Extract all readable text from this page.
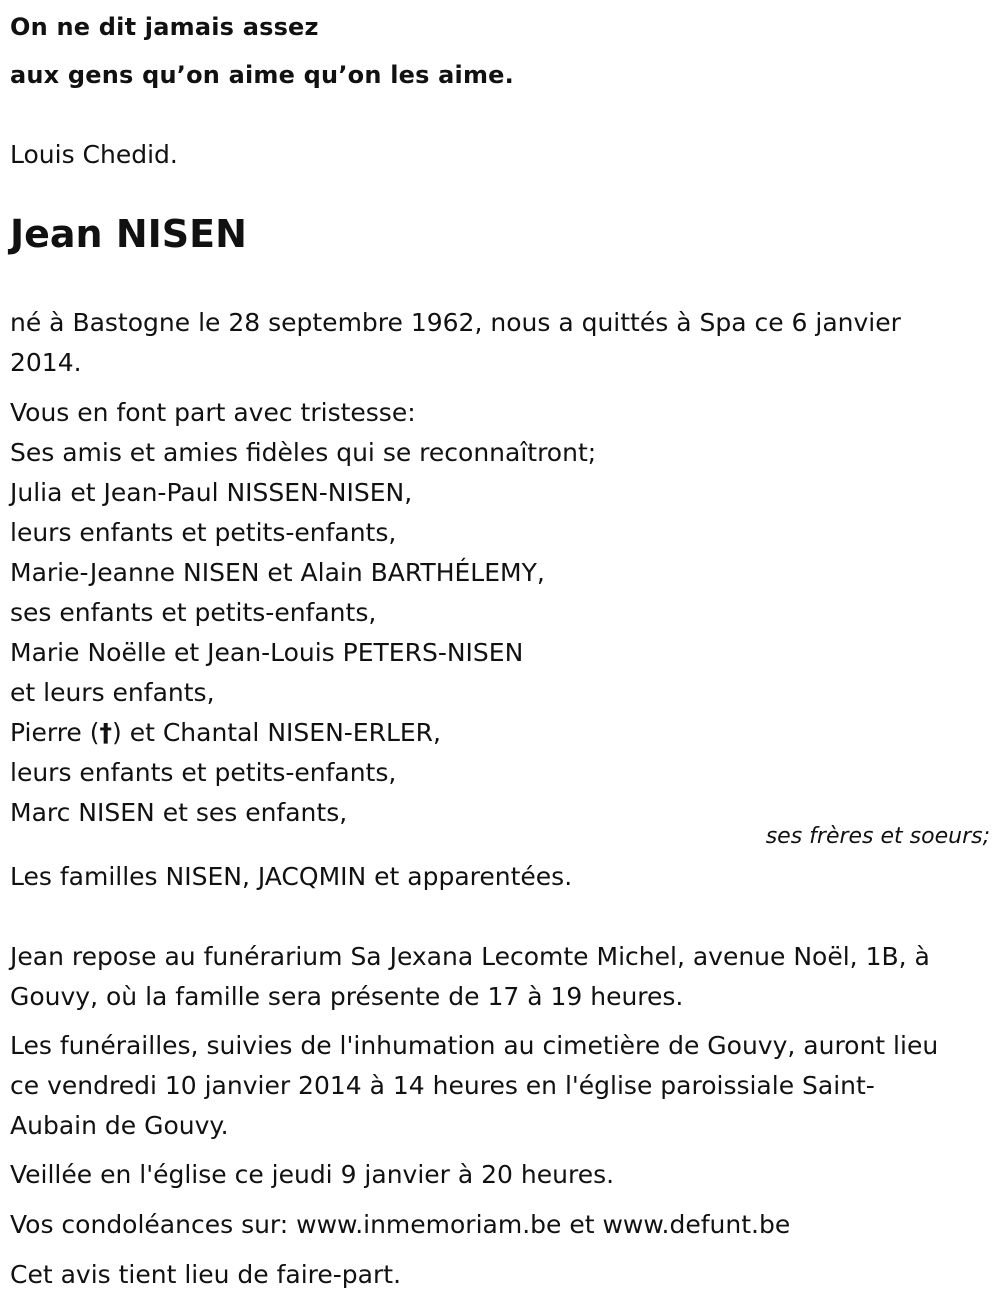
On ne dit jamais assez
aux gens qu’on aime qu’on les aime.
Louis Chedid.
Jean NISEN
né à Bastogne le 28 septembre 1962, nous a quittés à Spa ce 6 janvier
2014.
Vous en font part avec tristesse:
Ses amis et amies fidèles qui se reconnaîtront;
Julia et Jean-Paul NISSEN-NISEN,
leurs enfants et petits-enfants,
Marie-Jeanne NISEN et Alain BARTHÉLEMY,
ses enfants et petits-enfants,
Marie Noëlle et Jean-Louis PETERS-NISEN
et leurs enfants,
Pierre (†) et Chantal NISEN-ERLER,
leurs enfants et petits-enfants,
Marc NISEN et ses enfants,
ses frères et soeurs;
Les familles NISEN, JACQMIN et apparentées.
Jean repose au funérarium Sa Jexana Lecomte Michel, avenue Noël, 1B, à
Gouvy, où la famille sera présente de 17 à 19 heures.
Les funérailles, suivies de l'inhumation au cimetière de Gouvy, auront lieu
ce vendredi 10 janvier 2014 à 14 heures en l'église paroissiale Saint-
Aubain de Gouvy.
Veillée en l'église ce jeudi 9 janvier à 20 heures.
Vos condoléances sur: www.inmemoriam.be et www.defunt.be
Cet avis tient lieu de faire-part.
